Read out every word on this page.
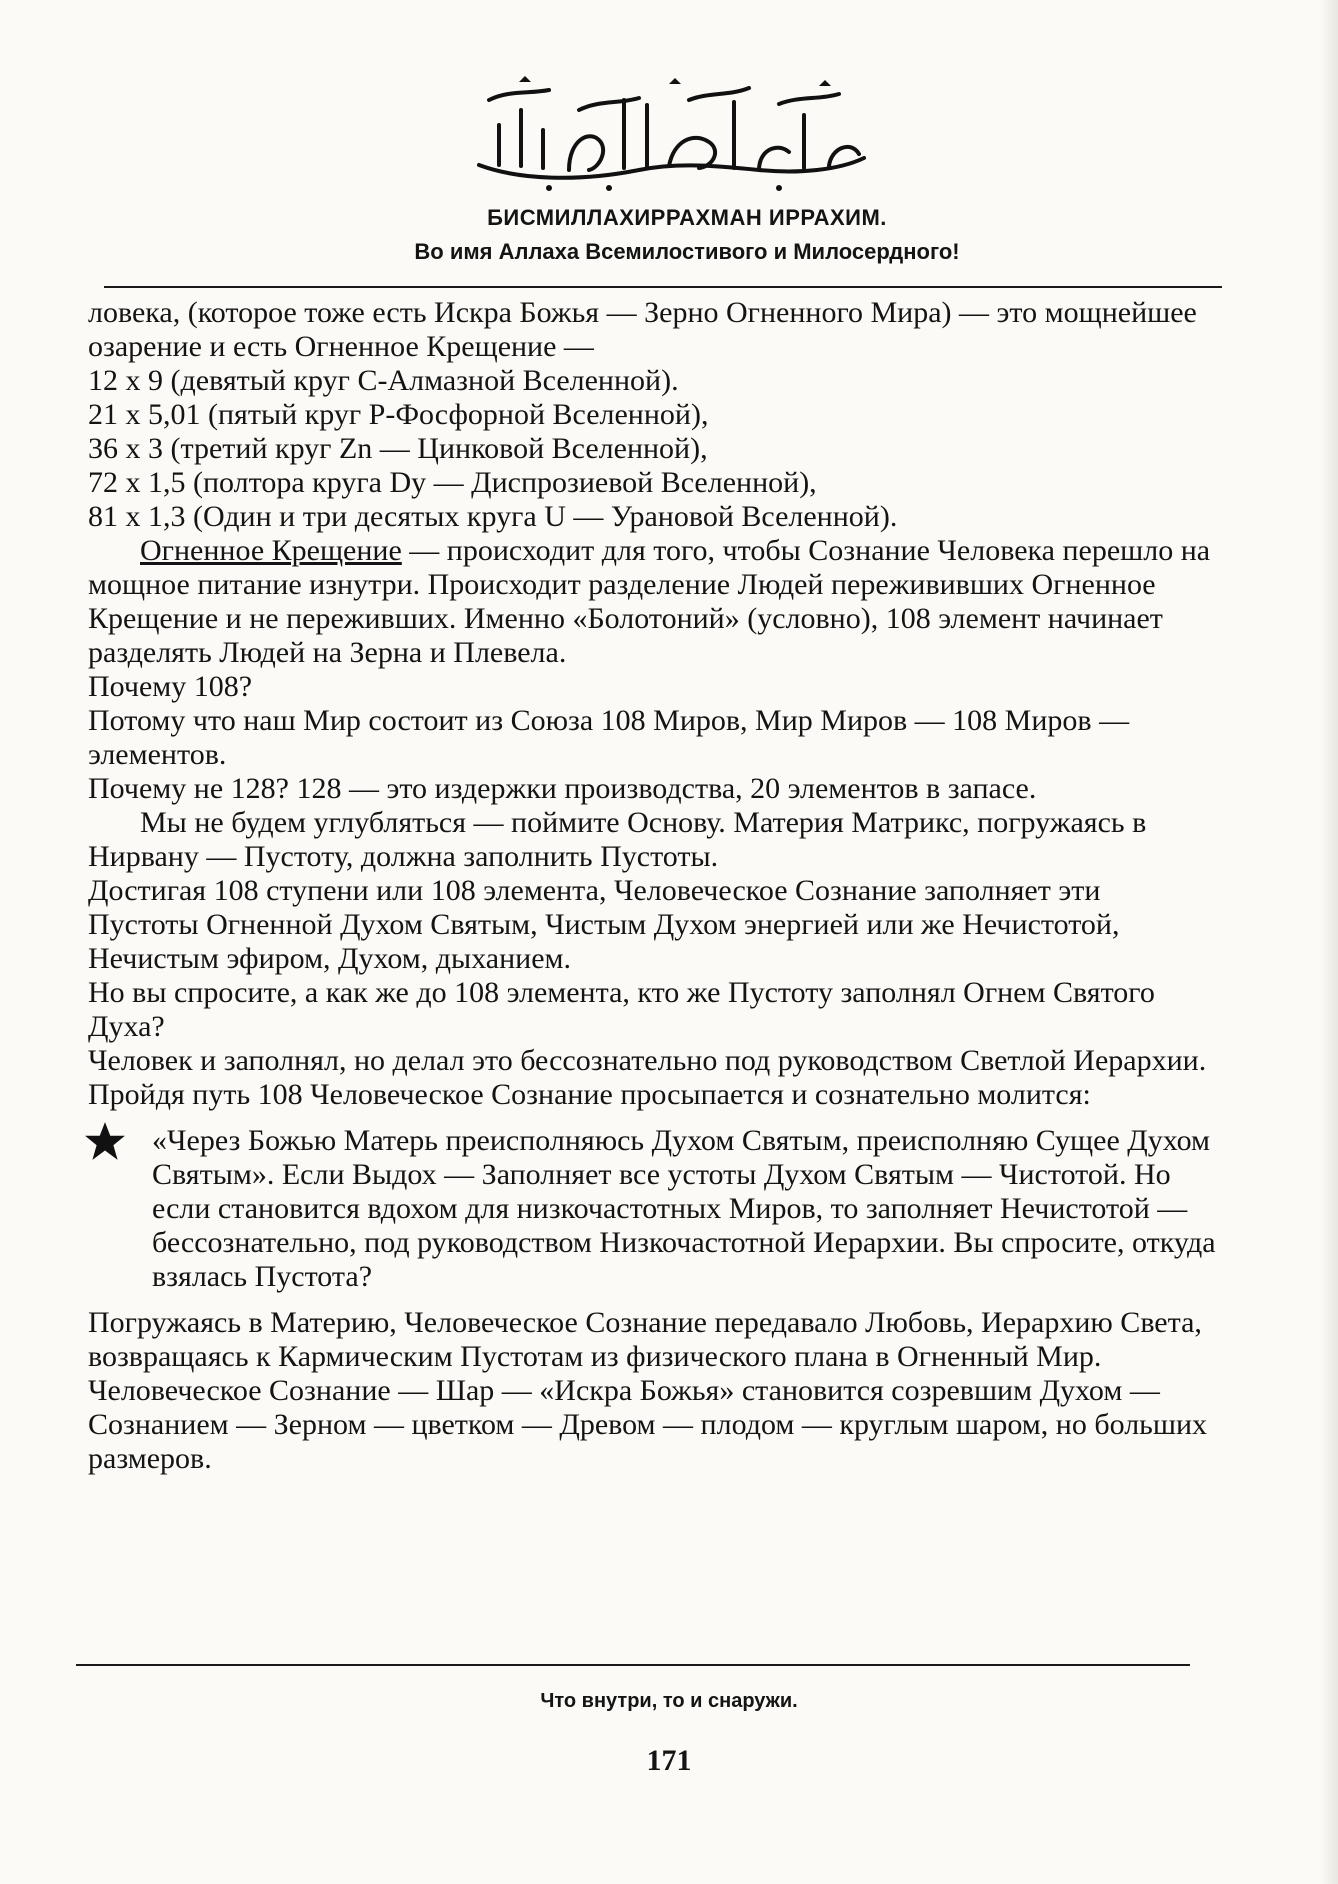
БИСМИЛЛАХИРРАХМАН ИРРАХИМ.
Во имя Аллаха Всемилостивого и Милосердного!

ловека, (которое тоже есть Искра Божья — Зерно Огненного Мира) — это мощнейшее озарение и есть Огненное Крещение —

12 х 9 (девятый круг С-Алмазной Вселенной).

21 х 5,01 (пятый круг Р-Фосфорной Вселенной),

36 х 3 (третий круг Zn — Цинковой Вселенной),

72 х 1,5 (полтора круга Dy — Диспрозиевой Вселенной),

81 х 1,3 (Один и три десятых круга U — Урановой Вселенной).

Огненное Крещение — происходит для того, чтобы Сознание Человека перешло на мощное питание изнутри. Происходит разделение Людей пережививших Огненное Крещение и не переживших. Именно «Болотоний» (условно), 108 элемент начинает разделять Людей на Зерна и Плевела.

Почему 108?

Потому что наш Мир состоит из Союза 108 Миров, Мир Миров — 108 Миров —элементов.

Почему не 128? 128 — это издержки производства, 20 элементов в запасе.

Мы не будем углубляться — поймите Основу. Материя Матрикс, погружаясь в Нирвану — Пустоту, должна заполнить Пустоты.

Достигая 108 ступени или 108 элемента, Человеческое Сознание заполняет эти Пустоты Огненной Духом Святым, Чистым Духом энергией или же Нечистотой, Нечистым эфиром, Духом, дыханием.

Но вы спросите, а как же до 108 элемента, кто же Пустоту заполнял Огнем Святого Духа?

Человек и заполнял, но делал это бессознательно под руководством Светлой Иерархии.

Пройдя путь 108 Человеческое Сознание просыпается и сознательно молится:

«Через Божью Матерь преисполняюсь Духом Святым, преисполняю Сущее Духом Святым». Если Выдох — Заполняет все устоты Духом Святым — Чистотой. Но если становится вдохом для низкочастотных Миров, то заполняет Нечистотой — бессознательно, под руководством Низкочастотной Иерархии. Вы спросите, откуда взялась Пустота?

Погружаясь в Материю, Человеческое Сознание передавало Любовь, Иерархию Света, возвращаясь к Кармическим Пустотам из физического плана в Огненный Мир. Человеческое Сознание — Шар — «Искра Божья» становится созревшим Духом —Сознанием — Зерном — цветком — Древом — плодом — круглым шаром, но больших размеров.

Что внутри, то и снаружи.
171
